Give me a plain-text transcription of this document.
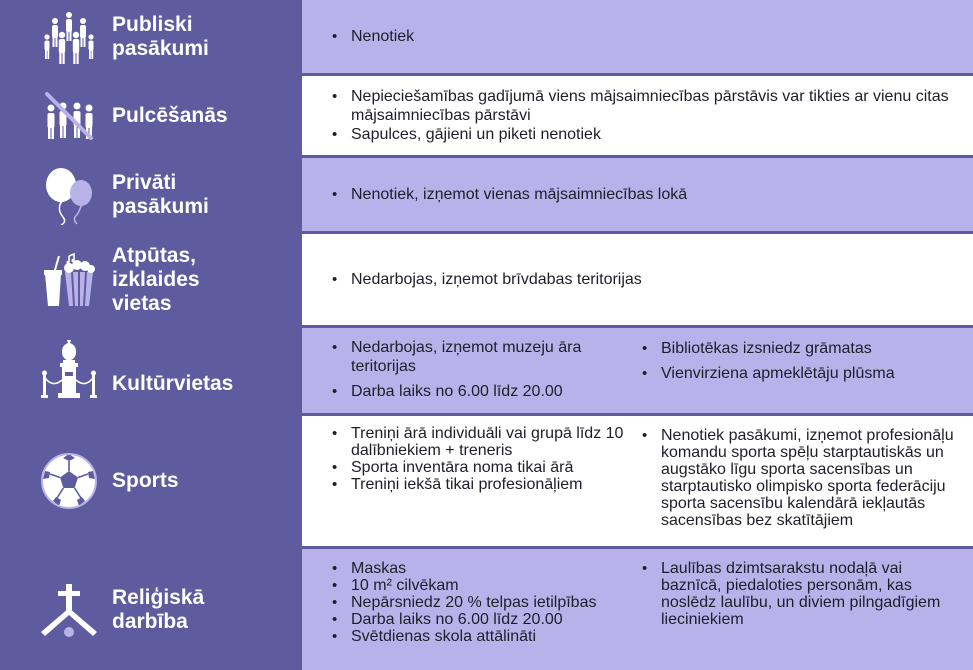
Publiski
pasākumi	• Nenotiek
Pulcēšanās
• Nepieciešamības gadījumā viens mājsaimniecības pārstāvis var tikties ar vienu citas mājsaimniecības pārstāvi
• Sapulces, gājieni un piketi nenotiek
Privāti
pasākumi	• Nenotiek, izņemot vienas mājsaimniecības lokā
Atpūtas,
izklaides
vietas
• Nedarbojas, izņemot brīvdabas teritorijas
Kultūrvietas
• Nedarbojas, izņemot muzeju āra teritorijas
• Darba laiks no 6.00 līdz 20.00
• Bibliotēkas izsniedz grāmatas
• Vienvirziena apmeklētāju plūsma
Sports
• Treniņi ārā individuāli vai grupā līdz 10 dalībniekiem + treneris
• Sporta inventāra noma tikai ārā
• Treniņi iekšā tikai profesionāļiem
• Nenotiek pasākumi, izņemot profesionāļu komandu sporta spēļu starptautiskās un augstāko līgu sporta sacensības un starptautisko olimpisko sporta federāciju sporta sacensību kalendārā iekļautās sacensības bez skatītājiem
Reliģiskā
darbība
• Maskas
• 10 m² cilvēkam
• Nepārsniedz 20 % telpas ietilpības
• Darba laiks no 6.00 līdz 20.00
• Svētdienas skola attālināti
• Laulības dzimtsarakstu nodaļā vai baznīcā, piedaloties personām, kas noslēdz laulību, un diviem pilngadīgiem lieciniekiem
